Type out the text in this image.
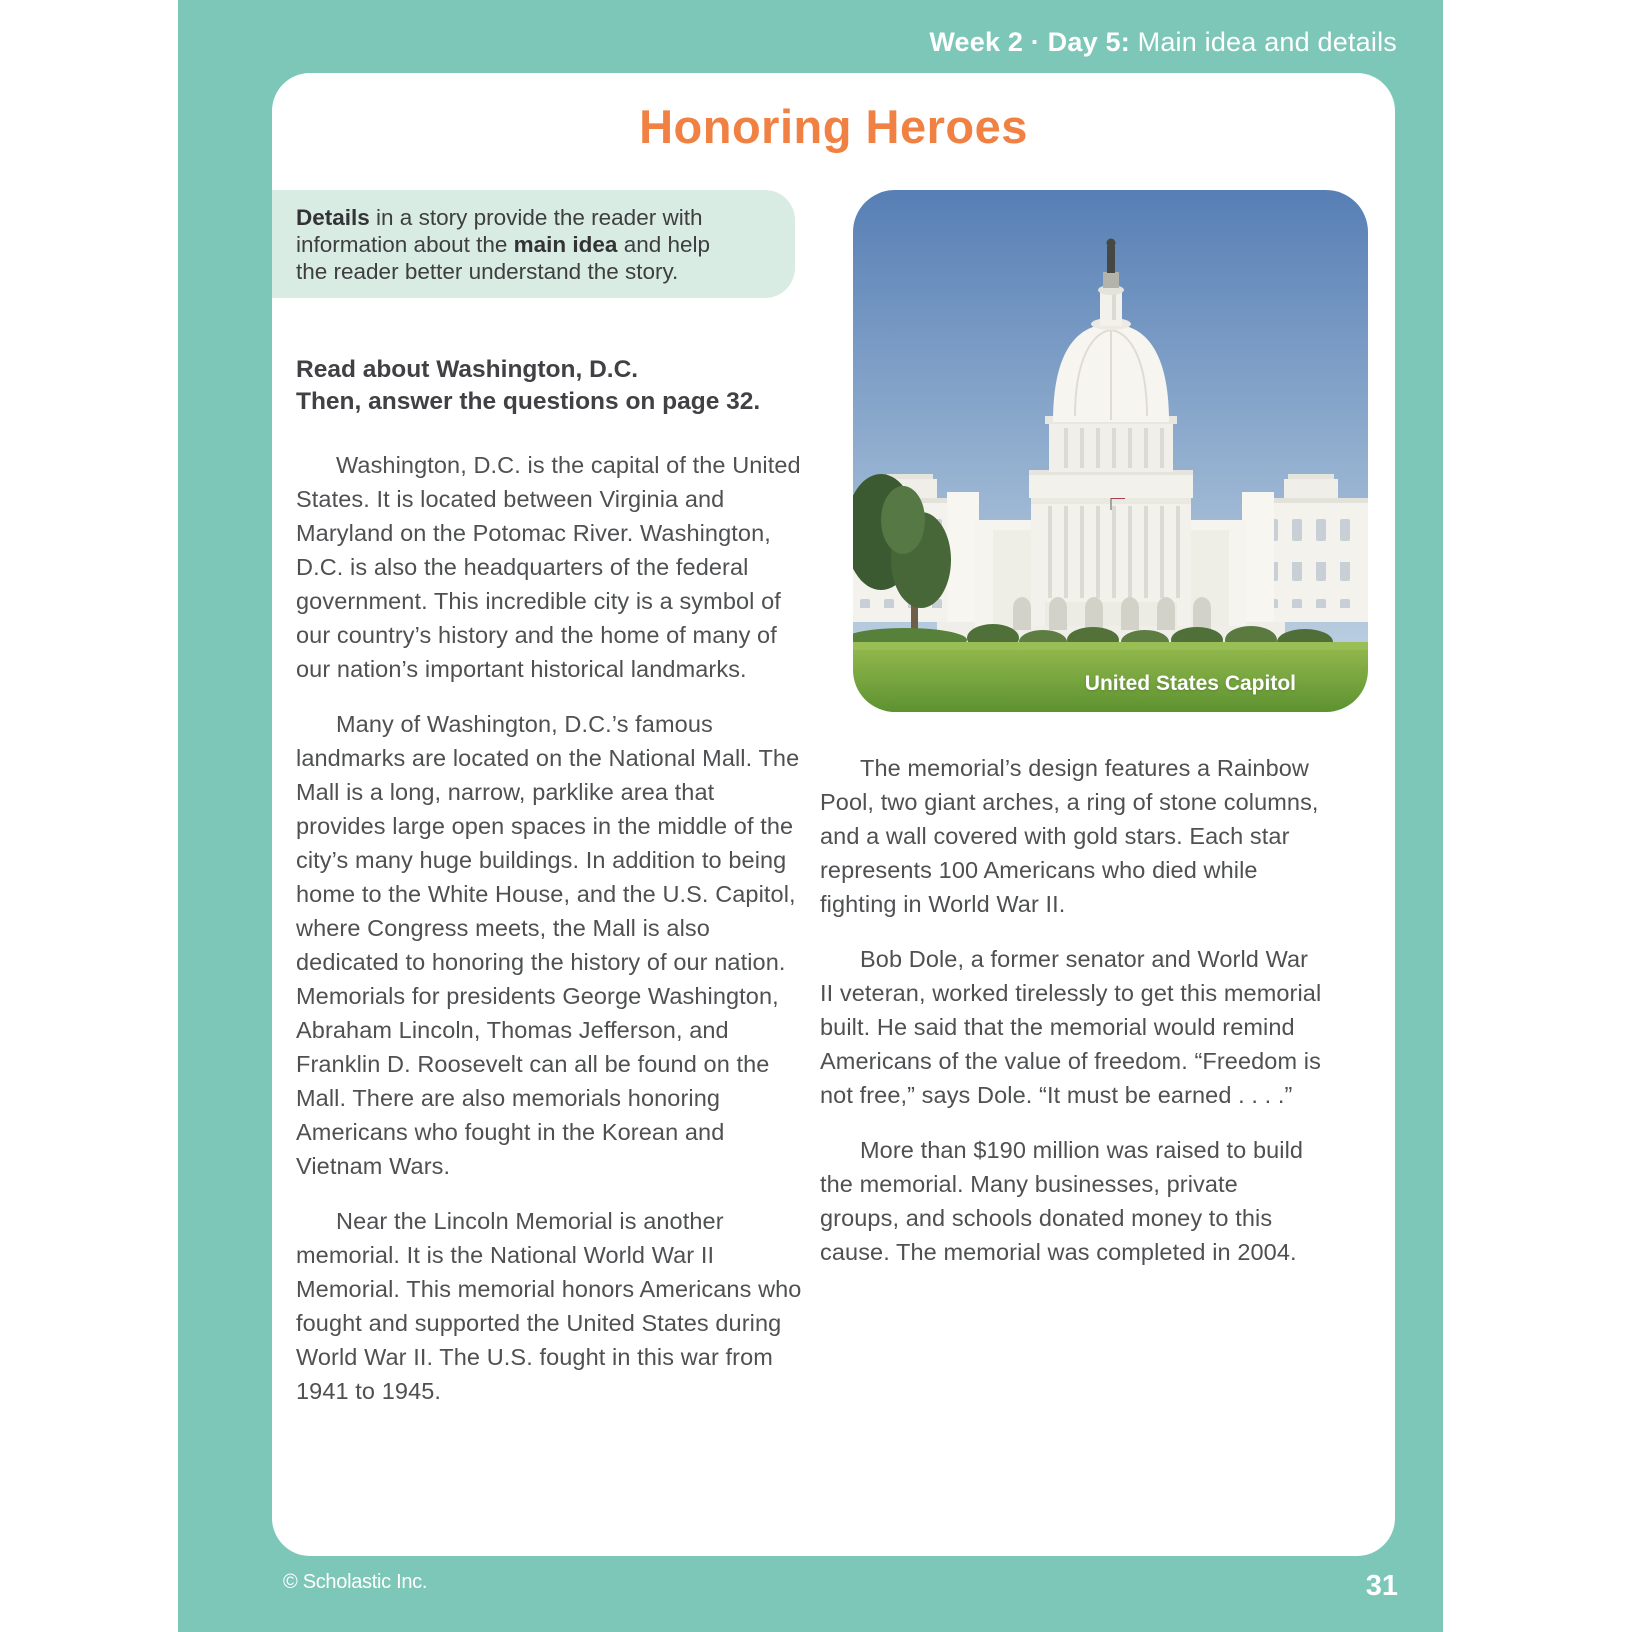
Week 2 · Day 5: Main idea and details
Honoring Heroes
Details in a story provide the reader with
information about the main idea and help
the reader better understand the story.
Read about Washington, D.C.
Then, answer the questions on page 32.
United States Capitol

Washington, D.C. is the capital of the United States. It is located between Virginia and Maryland on the Potomac River. Washington, D.C. is also the headquarters of the federal government. This incredible city is a symbol of our country’s history and the home of many of our nation’s important historical landmarks.

Many of Washington, D.C.’s famous landmarks are located on the National Mall. The Mall is a long, narrow, parklike area that provides large open spaces in the middle of the city’s many huge buildings. In addition to being home to the White House, and the U.S. Capitol, where Congress meets, the Mall is also dedicated to honoring the history of our nation. Memorials for presidents George Washington, Abraham Lincoln, Thomas Jefferson, and Franklin D. Roosevelt can all be found on the Mall. There are also memorials honoring Americans who fought in the Korean and Vietnam Wars.

Near the Lincoln Memorial is another memorial. It is the National World War II Memorial. This memorial honors Americans who fought and supported the United States during World War II. The U.S. fought in this war from 1941 to 1945.

The memorial’s design features a Rainbow Pool, two giant arches, a ring of stone columns, and a wall covered with gold stars. Each star represents 100 Americans who died while fighting in World War II.

Bob Dole, a former senator and World War II veteran, worked tirelessly to get this memorial built. He said that the memorial would remind Americans of the value of freedom. “Freedom is not free,” says Dole. “It must be earned . . . .”

More than $190 million was raised to build the memorial. Many businesses, private groups, and schools donated money to this cause. The memorial was completed in 2004.

© Scholastic Inc.	31
